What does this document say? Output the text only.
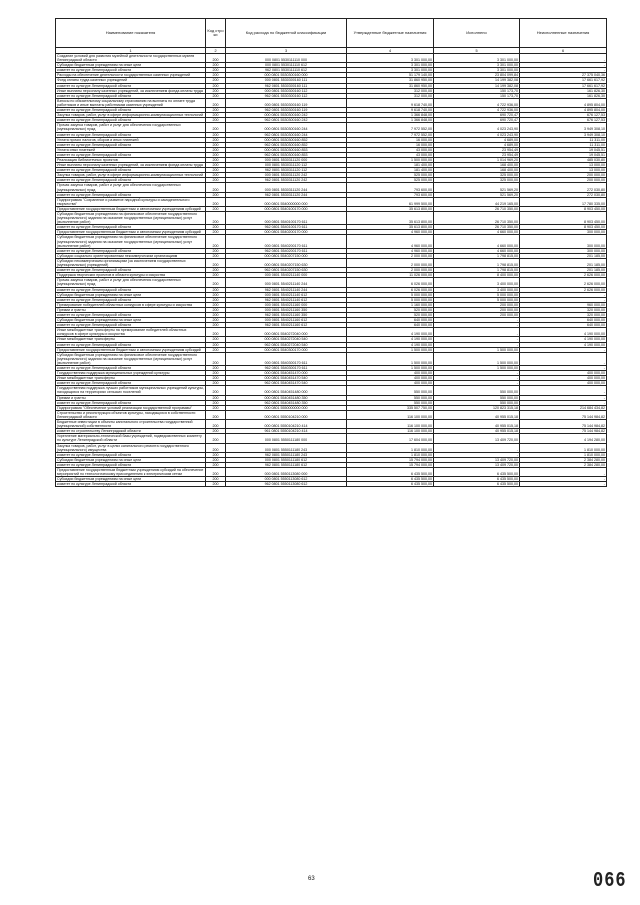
Наименование показателя	Код стро ки	Код расхода по бюджетной классификации	Утвержденные бюджетные назначения	Исполнено	Неисполненные назначения
1	2	3	4	5	6
Создание условий для развития музейной деятельности государственных музеев Ленинградской области	200	000 0801 5530111110 000	3 301 000,00	3 301 000,00	-
Субсидии бюджетным учреждениям на иные цели	200	000 0801 5530111110 612	3 301 000,00	3 301 000,00	-
комитет по культуре Ленинградской области	200	962 0801 5530111110 612	3 301 000,00	3 301 000,00	-
Расходы на обеспечение деятельности государственных казенных учреждений	200	000 0801 5530300160 000	51 179 140,00	23 804 099,84	27 375 040,36
Фонд оплаты труда казенных учреждений	200	000 0801 5530300160 111	31 860 950,00	14 199 382,08	17 661 617,92
комитет по культуре Ленинградской области	200	962 0801 5530300160 111	31 860 950,00	14 199 382,08	17 661 617,92
Иные выплаты персоналу казенных учреждений, за исключением фонда оплаты труда	200	000 0801 5530300160 112	312 000,00	150 173,70	161 826,30
комитет по культуре Ленинградской области	200	962 0801 5530300160 112	312 000,00	150 173,70	161 826,30
Взносы по обязательному социальному страхованию на выплаты по оплате труда работников и иные выплаты работникам казенных учреждений	200	000 0801 5530300160 119	9 618 740,00	4 722 936,00	4 895 804,00
комитет по культуре Ленинградской области	200	962 0801 5530300160 119	9 618 740,00	4 722 936,00	4 895 804,00
Закупка товаров, работ, услуг в сфере информационно-коммуникационных технологий	200	000 0801 5530300160 242	1 366 848,00	690 720,47	676 127,53
комитет по культуре Ленинградской области	200	962 0801 5530300160 242	1 366 848,00	690 720,47	676 127,53
Прочая закупка товаров, работ и услуг для обеспечения государственных (муниципальных) нужд	200	000 0801 5530300160 244	7 972 552,00	4 023 243,90	3 949 308,10
комитет по культуре Ленинградской области	200	962 0801 5530300160 244	7 972 552,00	4 023 243,90	3 949 308,10
Уплата прочих налогов, сборов и иных платежей	200	000 0801 5530300160 852	16 000,00	4 689,00	11 311,00
комитет по культуре Ленинградской области	200	962 0801 5530300160 852	16 000,00	4 689,00	11 311,00
Уплата иных платежей	200	000 0801 5530300160 853	43 000,00	23 954,49	19 045,51
комитет по культуре Ленинградской области	200	962 0801 5530300160 853	43 000,00	23 954,49	19 045,51
Реализация библиотечных проектов	200	000 0801 5530311120 000	1 500 000,00	1 014 969,20	485 030,80
Иные выплаты персоналу казенных учреждений, за исключением фонда оплаты труда	200	000 0801 5530311120 112	181 400,00	168 400,00	13 000,00
комитет по культуре Ленинградской области	200	962 0801 5530311120 112	181 400,00	168 400,00	13 000,00
Закупка товаров, работ, услуг в сфере информационно-коммуникационных технологий	200	000 0801 5530311120 242	525 000,00	325 000,00	200 000,00
комитет по культуре Ленинградской области	200	962 0801 5530311120 242	525 000,00	325 000,00	200 000,00
Прочая закупка товаров, работ и услуг для обеспечения государственных (муниципальных) нужд	200	000 0801 5530311120 244	793 600,00	521 569,20	272 030,80
комитет по культуре Ленинградской области	200	962 0801 5530311120 244	793 600,00	521 569,20	272 030,80
Подпрограмма "Сохранение и развитие народной культуры и самодеятельного творчества"	200	000 0801 5540000000 000	61 999 500,00	44 219 165,00	17 780 335,00
Предоставление государственным бюджетным и автономным учреждениям субсидий	200	000 0801 5540100170 000	35 613 800,00	26 710 350,00	8 903 450,00
Субсидии бюджетным учреждениям на финансовое обеспечение государственного (муниципального) задания на оказание государственных (муниципальных) услуг (выполнение работ)	200	000 0801 5540100170 611	35 613 800,00	26 710 350,00	8 903 450,00
комитет по культуре Ленинградской области	200	962 0801 5540100170 611	35 613 800,00	26 710 350,00	8 903 450,00
Предоставление государственным бюджетным и автономным учреждениям субсидий	200	000 0801 5540200170 000	4 960 000,00	4 660 000,00	300 000,00
Субсидии бюджетным учреждениям на финансовое обеспечение государственного (муниципального) задания на оказание государственных (муниципальных) услуг (выполнение работ)	200	000 0801 5540200170 611	4 960 000,00	4 660 000,00	300 000,00
комитет по культуре Ленинградской области	200	962 0801 5540200170 611	4 960 000,00	4 660 000,00	300 000,00
Субсидии социально ориентированным некоммерческим организациям	200	000 0801 5540207150 000	2 000 000,00	1 798 815,00	201 185,00
Субсидии некоммерческим организациям (за исключением государственных (муниципальных) учреждений)	200	000 0801 5540207150 630	2 000 000,00	1 798 815,00	201 185,00
комитет по культуре Ленинградской области	200	962 0801 5540207150 630	2 000 000,00	1 798 815,00	201 185,00
Поддержка творческих проектов в области культуры и искусства	200	000 0801 5540211140 000	11 026 000,00	8 400 000,00	2 626 000,00
Прочая закупка товаров, работ и услуг для обеспечения государственных (муниципальных) нужд	200	000 0801 5540211140 244	6 026 000,00	3 400 000,00	2 626 000,00
комитет по культуре Ленинградской области	200	962 0801 5540211140 244	6 026 000,00	3 400 000,00	2 626 000,00
Субсидии бюджетным учреждениям на иные цели	200	000 0801 5540211140 612	5 000 000,00	5 000 000,00	-
комитет по культуре Ленинградской области	200	962 0801 5540211140 612	5 000 000,00	5 000 000,00	-
Премирование победителей областных конкурсов в сфере культуры и искусства	200	000 0801 5540211160 000	1 160 000,00	200 000,00	960 000,00
Премии и гранты	200	000 0801 5540211160 350	520 000,00	200 000,00	320 000,00
комитет по культуре Ленинградской области	200	962 0801 5540211160 350	520 000,00	200 000,00	320 000,00
Субсидии бюджетным учреждениям на иные цели	200	000 0801 5540211160 612	640 000,00	-	640 000,00
комитет по культуре Ленинградской области	200	962 0801 5540211160 612	640 000,00	-	640 000,00
Иные межбюджетные трансферты на премирование победителей областных конкурсов в сфере культуры и искусства	200	000 0801 5540272040 000	4 190 000,00	-	4 190 000,00
Иные межбюджетные трансферты	200	000 0801 5540272040 540	4 190 000,00	-	4 190 000,00
комитет по культуре Ленинградской области	200	962 0801 5540272040 540	4 190 000,00	-	4 190 000,00
Предоставление государственным бюджетным и автономным учреждениям субсидий	200	000 0801 5540300170 000	1 500 000,00	1 500 000,00	-
Субсидии бюджетным учреждениям на финансовое обеспечение государственного (муниципального) задания на оказание государственных (муниципальных) услуг (выполнение работ)	200	000 0801 5540300170 611	1 500 000,00	1 500 000,00	-
комитет по культуре Ленинградской области	200	962 0801 5540300170 611	1 500 000,00	1 500 000,00	-
Государственная поддержка муниципальных учреждений культуры	200	000 0801 5540451470 000	400 000,00	-	400 000,00
Иные межбюджетные трансферты	200	000 0801 5540451470 540	400 000,00	-	400 000,00
комитет по культуре Ленинградской области	200	962 0801 5540451470 540	400 000,00	-	400 000,00
Государственная поддержка лучших работников муниципальных учреждений культуры, находящихся на территориях сельских поселений	200	000 0801 5540451480 000	550 000,00	550 000,00	-
Премии и гранты	200	000 0801 5540451480 350	550 000,00	550 000,00	-
комитет по культуре Ленинградской области	200	962 0801 5540451480 350	550 000,00	550 000,00	-
Подпрограмма "Обеспечение условий реализации государственной программы"	200	000 0801 5550000000 000	335 507 750,00	120 823 315,18	214 684 434,82
Строительство и реконструкция объектов культуры, находящихся в собственности Ленинградской области	200	000 0801 5550104210 000	116 100 000,00	40 955 015,18	75 144 984,82
Бюджетные инвестиции в объекты капитального строительства государственной (муниципальной) собственности	200	000 0801 5550104210 414	116 100 000,00	40 955 015,18	75 144 984,82
комитет по строительству Ленинградской области	200	961 0801 5550104210 414	116 100 000,00	40 955 015,18	75 144 984,82
Укрепление материально-технической базы учреждений, подведомственных комитету по культуре Ленинградской области	200	000 0801 5550111180 000	17 604 000,00	13 409 720,00	4 194 280,00
Закупка товаров, работ, услуг в целях капитального ремонта государственного (муниципального) имущества	200	000 0801 5550111180 243	1 810 000,00	-	1 810 000,00
комитет по культуре Ленинградской области	200	962 0801 5550111180 243	1 810 000,00	-	1 810 000,00
Субсидии бюджетным учреждениям на иные цели	200	000 0801 5550111180 612	15 794 000,00	13 409 720,00	2 384 280,00
комитет по культуре Ленинградской области	200	962 0801 5550111180 612	15 794 000,00	13 409 720,00	2 384 280,00
Предоставление государственным бюджетным учреждениям субсидий на обеспечение мероприятий по технологическому присоединению к электрическим сетям	200	000 0801 5550113080 000	6 435 500,00	6 435 500,00	-
Субсидии бюджетным учреждениям на иные цели	200	000 0801 5550113080 612	6 435 500,00	6 435 500,00	-
комитет по культуре Ленинградской области	200	962 0801 5550113080 612	6 435 500,00	6 435 500,00	-
63	066
